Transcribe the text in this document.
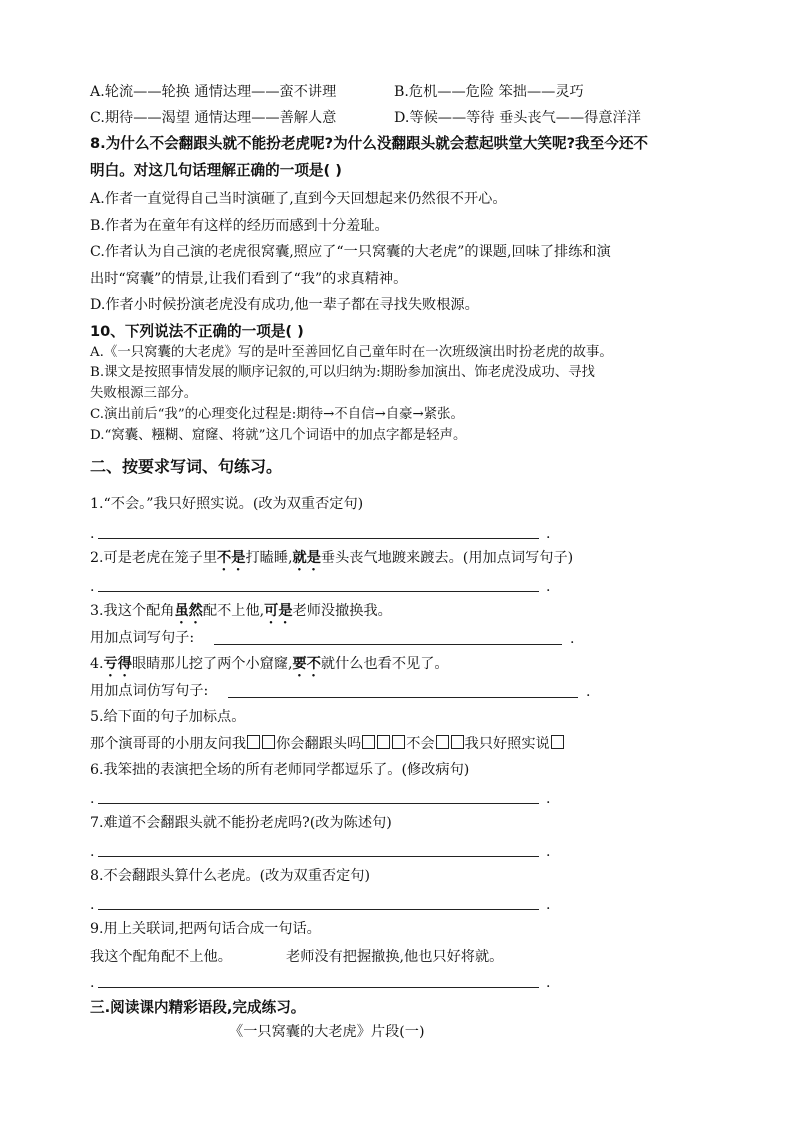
A.轮流——轮换 通情达理——蛮不讲理	B.危机——危险 笨拙——灵巧
C.期待——渴望 通情达理——善解人意	D.等候——等待 垂头丧气——得意洋洋
8.为什么不会翻跟头就不能扮老虎呢?为什么没翻跟头就会惹起哄堂大笑呢?我至今还不
明白。对这几句话理解正确的一项是( )
A.作者一直觉得自己当时演砸了,直到今天回想起来仍然很不开心。
B.作者为在童年有这样的经历而感到十分羞耻。
C.作者认为自己演的老虎很窝囊,照应了“一只窝囊的大老虎”的课题,回味了排练和演
出时“窝囊”的情景,让我们看到了“我”的求真精神。
D.作者小时候扮演老虎没有成功,他一辈子都在寻找失败根源。
10、下列说法不正确的一项是( )
A.《一只窝囊的大老虎》写的是叶至善回忆自己童年时在一次班级演出时扮老虎的故事。
B.课文是按照事情发展的顺序记叙的,可以归纳为:期盼参加演出、饰老虎没成功、寻找
失败根源三部分。
C.演出前后“我”的心理变化过程是:期待→不自信→自豪→紧张。
D.“窝囊、糨糊、窟窿、将就”这几个词语中的加点字都是轻声。
二、按要求写词、句练习。
1.“不会。”我只好照实说。(改为双重否定句)
.	.
2.可是老虎在笼子里不是打瞌睡,就是垂头丧气地踱来踱去。(用加点词写句子)
.	.
3.我这个配角虽然配不上他,可是老师没撤换我。
用加点词写句子:	.
4.亏得眼睛那儿挖了两个小窟窿,要不就什么也看不见了。
用加点词仿写句子:	.
5.给下面的句子加标点。
那个演哥哥的小朋友问我 你会翻跟头吗	不会 我只好照实说
6.我笨拙的表演把全场的所有老师同学都逗乐了。(修改病句)
.	.
7.难道不会翻跟头就不能扮老虎吗?(改为陈述句)
.	.
8.不会翻跟头算什么老虎。(改为双重否定句)
.	.
9.用上关联词,把两句话合成一句话。
我这个配角配不上他。	老师没有把握撤换,他也只好将就。
.	.
三.阅读课内精彩语段,完成练习。
《一只窝囊的大老虎》片段(一)
